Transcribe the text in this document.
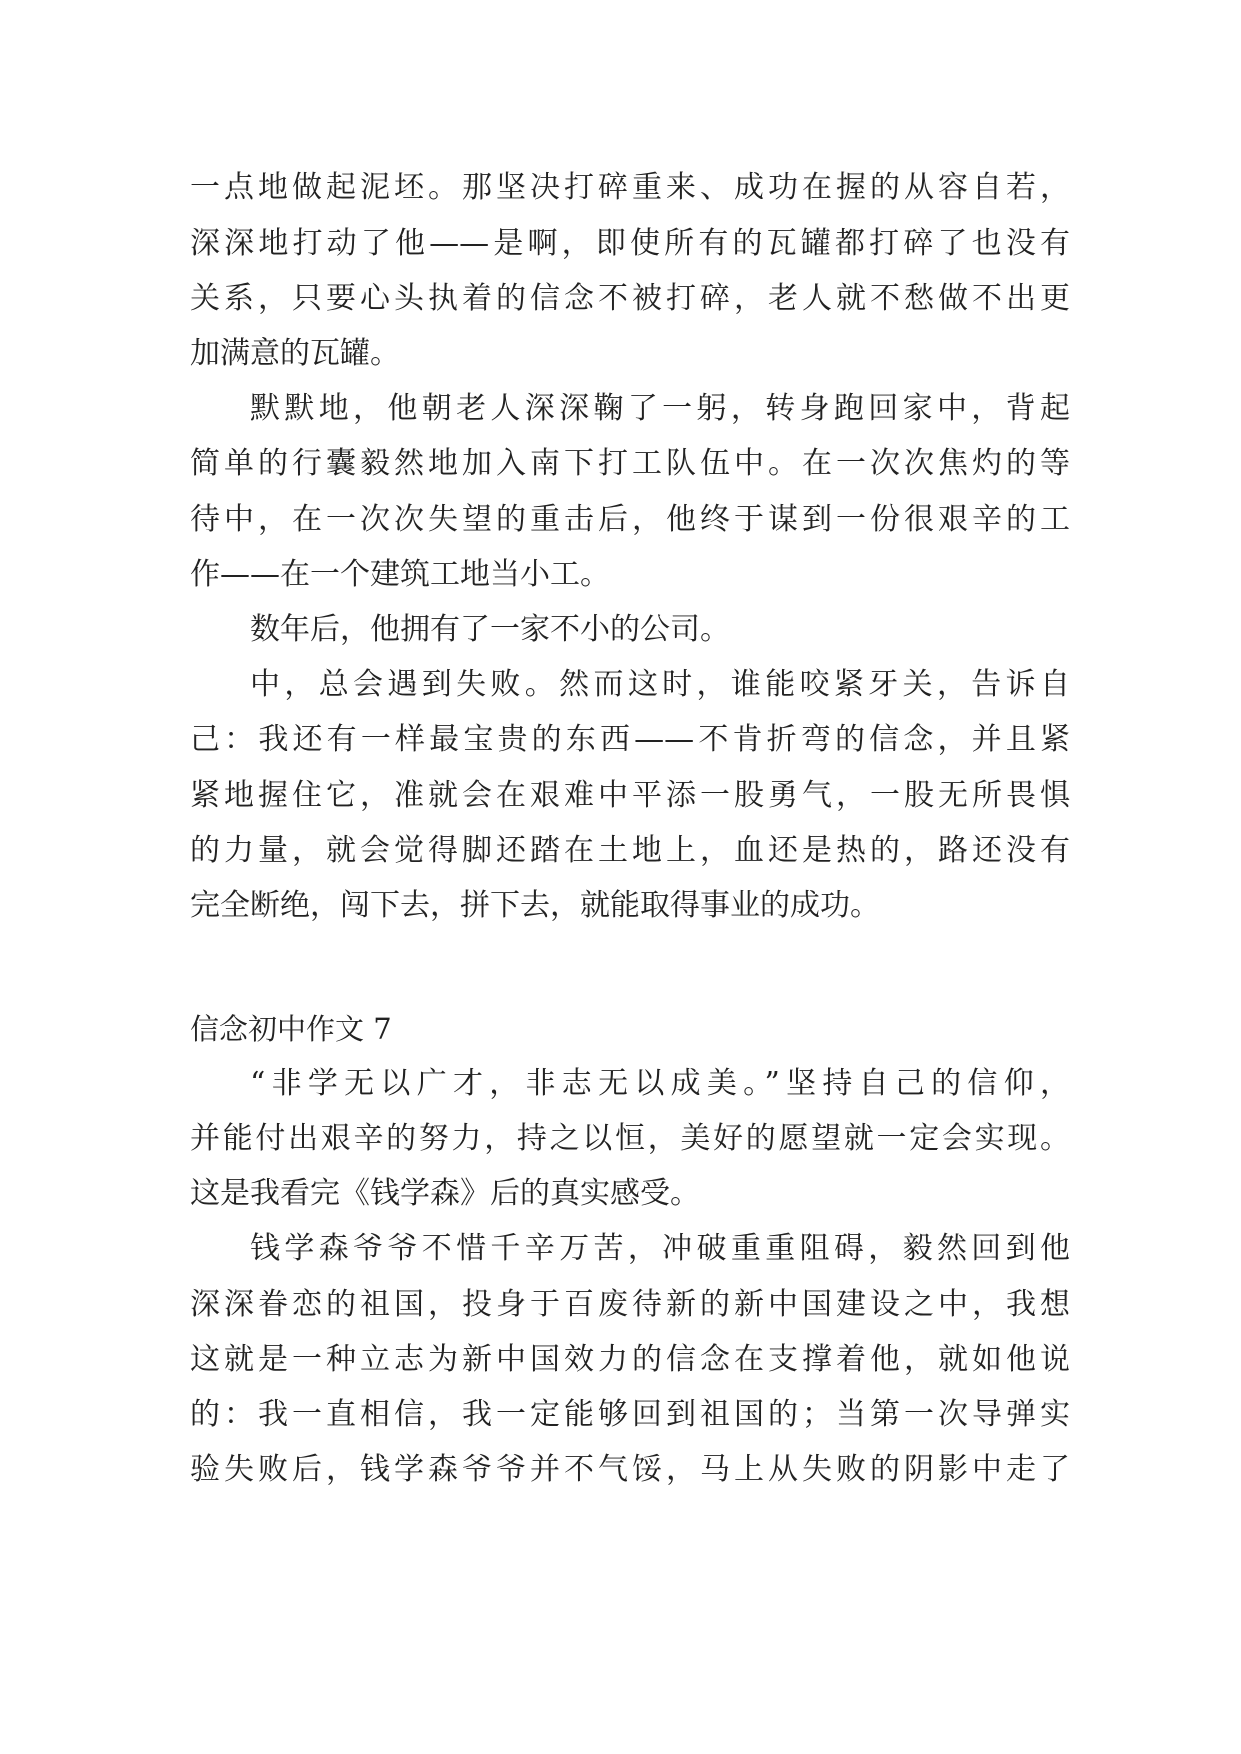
一点地做起泥坯。那坚决打碎重来、成功在握的从容自若，
深深地打动了他——是啊，即使所有的瓦罐都打碎了也没有
关系，只要心头执着的信念不被打碎，老人就不愁做不出更
加满意的瓦罐。
默默地，他朝老人深深鞠了一躬，转身跑回家中，背起
简单的行囊毅然地加入南下打工队伍中。在一次次焦灼的等
待中，在一次次失望的重击后，他终于谋到一份很艰辛的工
作——在一个建筑工地当小工。
数年后，他拥有了一家不小的公司。
中，总会遇到失败。然而这时，谁能咬紧牙关，告诉自
己：我还有一样最宝贵的东西——不肯折弯的信念，并且紧
紧地握住它，准就会在艰难中平添一股勇气，一股无所畏惧
的力量，就会觉得脚还踏在土地上，血还是热的，路还没有
完全断绝，闯下去，拼下去，就能取得事业的成功。
信念初中作文 7
“非学无以广才，非志无以成美。”坚持自己的信仰，
并能付出艰辛的努力，持之以恒，美好的愿望就一定会实现。
这是我看完《钱学森》后的真实感受。
钱学森爷爷不惜千辛万苦，冲破重重阻碍，毅然回到他
深深眷恋的祖国，投身于百废待新的新中国建设之中，我想
这就是一种立志为新中国效力的信念在支撑着他，就如他说
的：我一直相信，我一定能够回到祖国的；当第一次导弹实
验失败后，钱学森爷爷并不气馁，马上从失败的阴影中走了
